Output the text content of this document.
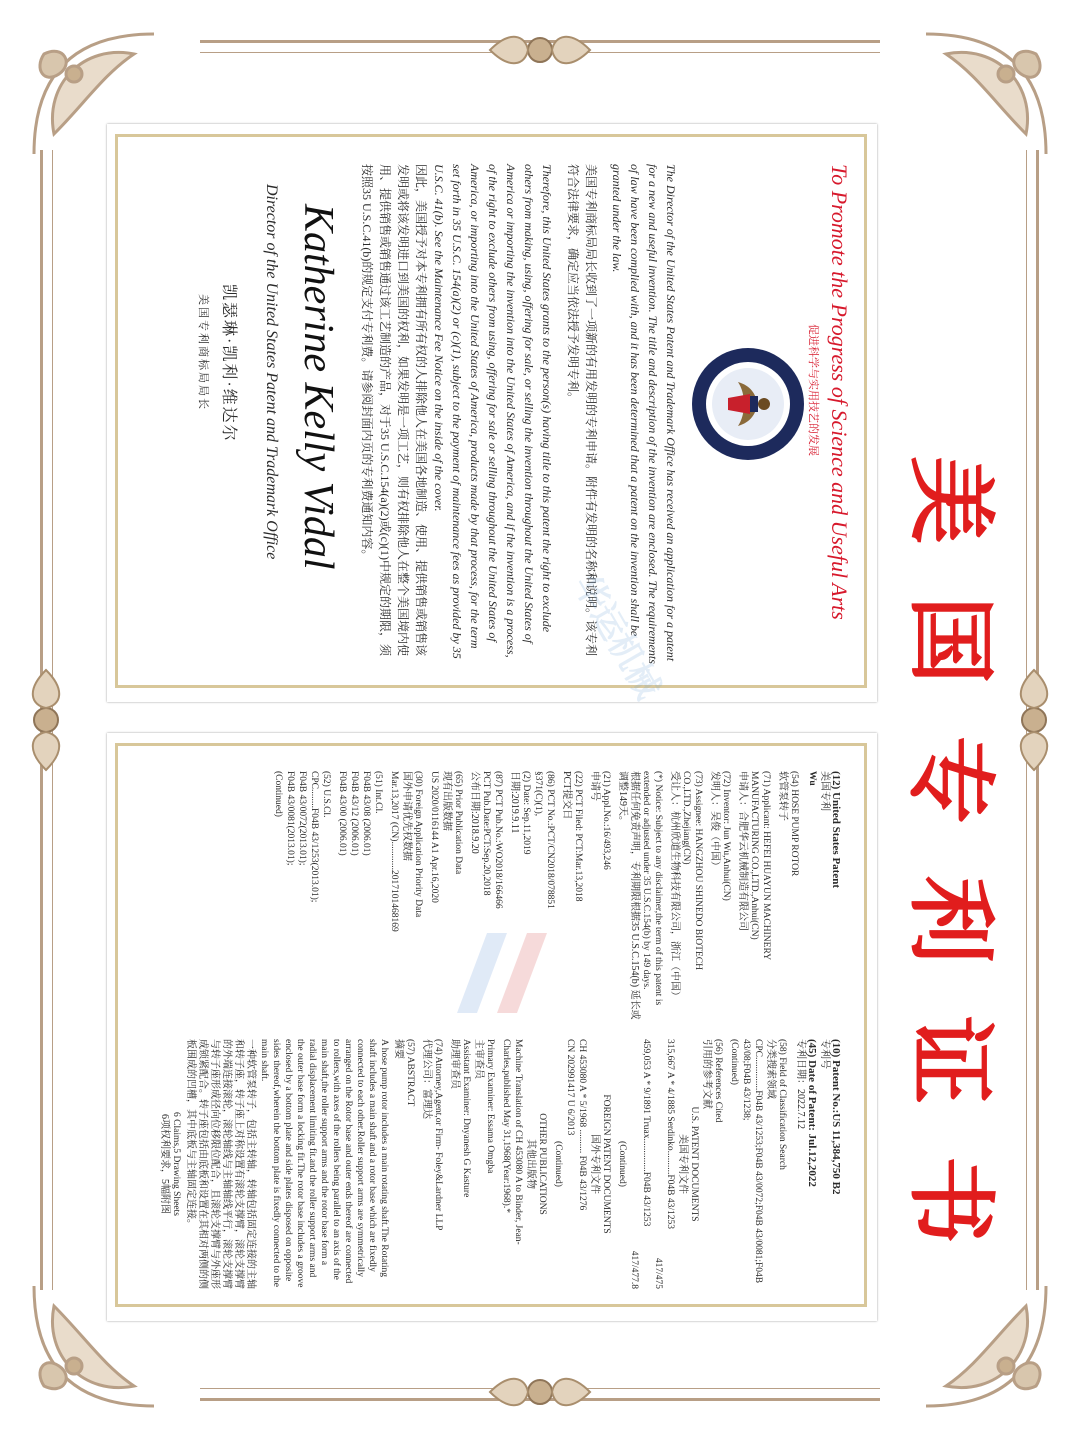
美
国
专
利
证
书
To Promote the Progress of Science and Useful Arts
促进科学与实用技艺的发展
The Director of the United States Patent and Trademark Office has received an application for a patent for a new and useful invention. The title and description of the invention are enclosed. The requirements of law have been complied with, and it has been determined that a patent on the invention shall be granted under the law.
美国专利商标局局长收到了一项新的有用发明的专利申请。附件有发明的名称和说明。该专利符合法律要求，确定应当依法授予发明专利。
Therefore, this United States grants to the person(s) having title to this patent the right to exclude others from making, using, offering for sale, or selling the invention throughout the United States of America or importing the invention into the United States of America, and if the invention is a process, of the right to exclude others from using, offering for sale or selling throughout the United States of America, or importing into the United States of America, products made by that process, for the term set forth in 35 U.S.C. 154(a)(2) or (c)(1), subject to the payment of maintenance fees as provided by 35 U.S.C. 41(b). See the Maintenance Fee Notice on the inside of the cover.
因此，美国授予对本专利拥有所有权的人排除他人在美国各地制造、使用、提供销售或销售该发明或将该发明进口到美国的权利，如果发明是一项工艺，则有权排除他人在整个美国境内使用、提供销售或销售通过该工艺制造的产品，对于35 U.S.C.154(a)(2)或(c)(1)中规定的期限，须按照35 U.S.C.41(b)的规定支付专利费。请参阅封面内页的专利费通知内容。
Katherine Kelly Vidal
Director of the United States Patent and Trademark Office
凯瑟琳·凯利·维达尔
美国专利商标局局长
华运机械
(12) United States Patent
美国专利
Wu
(54) HOSE PUMP ROTOR
软管泵转子
(71) Applicant: HEFEI HUAYUN MACHINERY MANUFACTURING CO.,LTD.,Anhui(CN)
申请人：合肥华云机械制造有限公司
(72) Inventor: Jun Wu,Anhui(CN)
发明人：吴俊（中国）
(73) Assignee: HANGZHOU SHINEDO BIOTECH CO.,LTD.,Zhejiang(CN)
受让人：杭州欣道生物科技有限公司，浙江（中国）
(*) Notice: Subject to any disclaimer,the term of this patent is extended or adjusted under 35 U.S.C.154(b) by 149 days.
根据任何免责声明，专利期限根据35 U.S.C.154(b) 延长或调整149天。
(21) Appl.No.:16/493,246
申请号
(22) PCT Filed: PCT:Mar.13,2018
PCT提交日
(86) PCT No.:PCT/CN2018/078851
§371(C)(1),
(2) Date: Sep.11,2019
日期:2019.9.11
(87) PCT Pub.No.:WO2018/166466
PCT Pub.Date:PCT:Sep.20,2018
公布日期:2018.9.20
(65) Prior Publication Data
现有出版数据
US 2020/0116144 A1 Apr.16,2020
(30) Foreign Application Priority Data
国外申请优先权数据
Mar.13,2017 (CN)............2017101468169
(51) Int.Cl.
F04B 43/08 (2006.01)
F04B 43/12 (2006.01)
F04B 43/00 (2006.01)
(52) U.S.Cl.
CPC........F04B 43/1253(2013.01);
F04B 43/0072(2013.01);
F04B 43/0081(2013.01);
(Continued)
(10) Patent No.:US 11,384,750 B2
专利号
(45) Date of Patent: Jul.12,2022
专利日期：2022.7.12
(58) Field of Classification Search
分类搜索领域
CPC..............F04B 43/1253;F04B 43/0072;F04B 43/0081;F04B 43/08;F04B 43/1238;
(Continued)
(56) References Cited
引用的参考文献
U.S. PATENT DOCUMENTS
美国专利文件
315,667 A * 4/1885 Serdinko..........F04B 43/1253
417/475
459,053 A * 9/1891 Truax..............F04B 43/1253
417/477.8
(Continued)
FOREIGN PATENT DOCUMENTS
国外专利文件
CH 453080 A * 5/1968 .......... F04B 43/1276
CN 202991417 U 6/2013
(Continued)
OTHER PUBLICATIONS
其他出版物
Machine Translation of CH 453080 A to Binder, Jean-Charles,published May 31,1968(Year:1968).*
Primary Examiner: Essama Omgba
主审查员
Assistant Examiner: Dnyanesh G Kasture
助理审查员
(74) Attorney,Agent,or Firm- Foley&Lardner LLP
代理公司：富理达
(57) ABSTRACT
摘要
A hose pump rotor includes a main rotating shaft.The Rotating shaft includes a main shaft and a rotor base which are fixedly connected to each other.Roller support arms are symmetrically arranged on the Rotor base and outer ends thereof are connected to rollers,with axes of the rollers being parallel to an axis of the main shaft,the roller support arms and the rotor base form a radial displacement limiting fit.and the roller support arms and the outer base form a locking fit.The rotor base includes a groove enclosed by a bottom plate and side plates disposed on opposite sides thereof,wherein the bottom plate is fixedly connected to the main shaft.
一种软管泵转子，包括主转轴，转轴包括固定连接的主轴和转子座，转子座上对称设置有滚轮支撑臂，滚轮支撑臂的外端连接滚轮，滚轮轴线与主轴轴线平行，滚轮支撑臂与转子座形成径向位移限位配合，且滚轮支撑臂与外座形成锁紧配合。转子座包括由底板和设置在其相对两侧的侧板围成的凹槽，其中底板与主轴固定连接。
6 Claims,5 Drawing Sheets
6项权利要求，5幅附图
